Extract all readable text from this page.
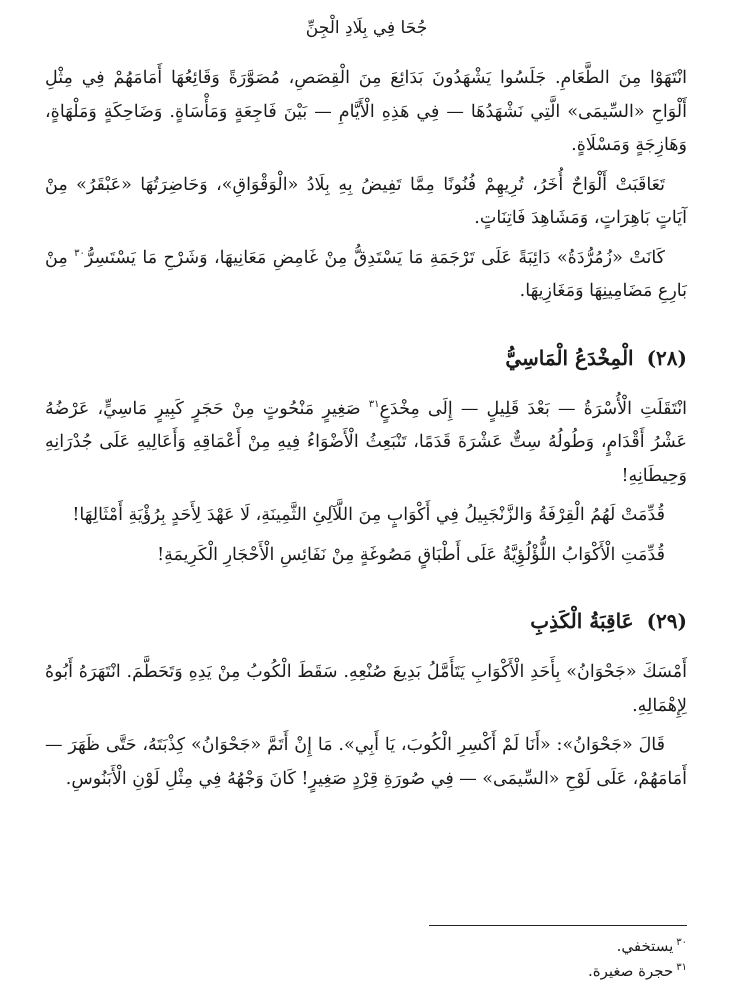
جُحَا فِي بِلَادِ الْجِنِّ

انْتَهَوْا مِنَ الطَّعَامِ. جَلَسُوا يَشْهَدُونَ بَدَائِعَ مِنَ الْقِصَصِ، مُصَوَّرَةً وَقَائِعُهَا أَمَامَهُمْ فِي مِثْلِ أَلْوَاحِ «السِّيمَى» الَّتِي نَشْهَدُهَا — فِي هَذِهِ الْأَيَّامِ — بَيْنَ فَاجِعَةٍ وَمَأْسَاةٍ. وَضَاحِكَةٍ وَمَلْهَاةٍ، وَهَازِجَةٍ وَمَسْلَاةٍ.

تَعَاقَبَتْ أَلْوَاحٌ أُخَرُ، تُرِيهِمْ فُنُونًا مِمَّا تَفِيضُ بِهِ بِلَادُ «الْوَقْوَاقِ»، وَحَاضِرَتُهَا «عَبْقَرُ» مِنْ آيَاتٍ بَاهِرَاتٍ، وَمَشَاهِدَ فَاتِنَاتٍ.

كَانَتْ «زُمُرُّدَةُ» دَائِبَةً عَلَى تَرْجَمَةِ مَا يَسْتَدِقُّ مِنْ غَامِضِ مَعَانِيهَا، وَشَرْحِ مَا يَسْتَسِرُّ$^{٣٠}$ مِنْ بَارِعِ مَضَامِينِهَا وَمَغَازِيهَا.

(٢٨) الْمِخْدَعُ الْمَاسِيُّ

انْتَقَلَتِ الْأُسْرَةُ — بَعْدَ قَلِيلٍ — إِلَى مِخْدَعٍ$^{٣١}$ صَغِيرٍ مَنْحُوتٍ مِنْ حَجَرٍ كَبِيرٍ مَاسِيٍّ، عَرْضُهُ عَشْرُ أَقْدَامٍ، وَطُولُهُ سِتٌّ عَشْرَةَ قَدَمًا، تَنْبَعِثُ الْأَضْوَاءُ فِيهِ مِنْ أَعْمَاقِهِ وَأَعَالِيهِ عَلَى جُدْرَانِهِ وَحِيطَانِهِ!

قُدِّمَتْ لَهُمُ الْقِرْفَةُ وَالزَّنْجَبِيلُ فِي أَكْوَابٍ مِنَ اللَّآلِئِ الثَّمِينَةِ، لَا عَهْدَ لِأَحَدٍ بِرُؤْيَةِ أَمْثَالِهَا!

قُدِّمَتِ الْأَكْوَابُ اللُّؤْلُؤِيَّةُ عَلَى أَطْبَاقٍ مَصُوغَةٍ مِنْ نَفَائِسِ الْأَحْجَارِ الْكَرِيمَةِ!

(٢٩) عَاقِبَةُ الْكَذِبِ

أَمْسَكَ «جَحْوَانُ» بِأَحَدِ الْأَكْوَابِ يَتَأَمَّلُ بَدِيعَ صُنْعِهِ. سَقَطَ الْكُوبُ مِنْ يَدِهِ وَتَحَطَّمَ. انْتَهَرَهُ أَبُوهُ لِإِهْمَالِهِ.

قَالَ «جَحْوَانُ»: «أَنَا لَمْ أَكْسِرِ الْكُوبَ، يَا أَبِي». مَا إِنْ أَتَمَّ «جَحْوَانُ» كِذْبَتَهُ، حَتَّى ظَهَرَ — أَمَامَهُمْ، عَلَى لَوْحِ «السِّيمَى» — فِي صُورَةِ قِرْدٍ صَغِيرٍ! كَانَ وَجْهُهُ فِي مِثْلِ لَوْنِ الْأَبَنُوسِ.

$^{٣٠}$يستخفي.
$^{٣١}$حجرة صغيرة.
